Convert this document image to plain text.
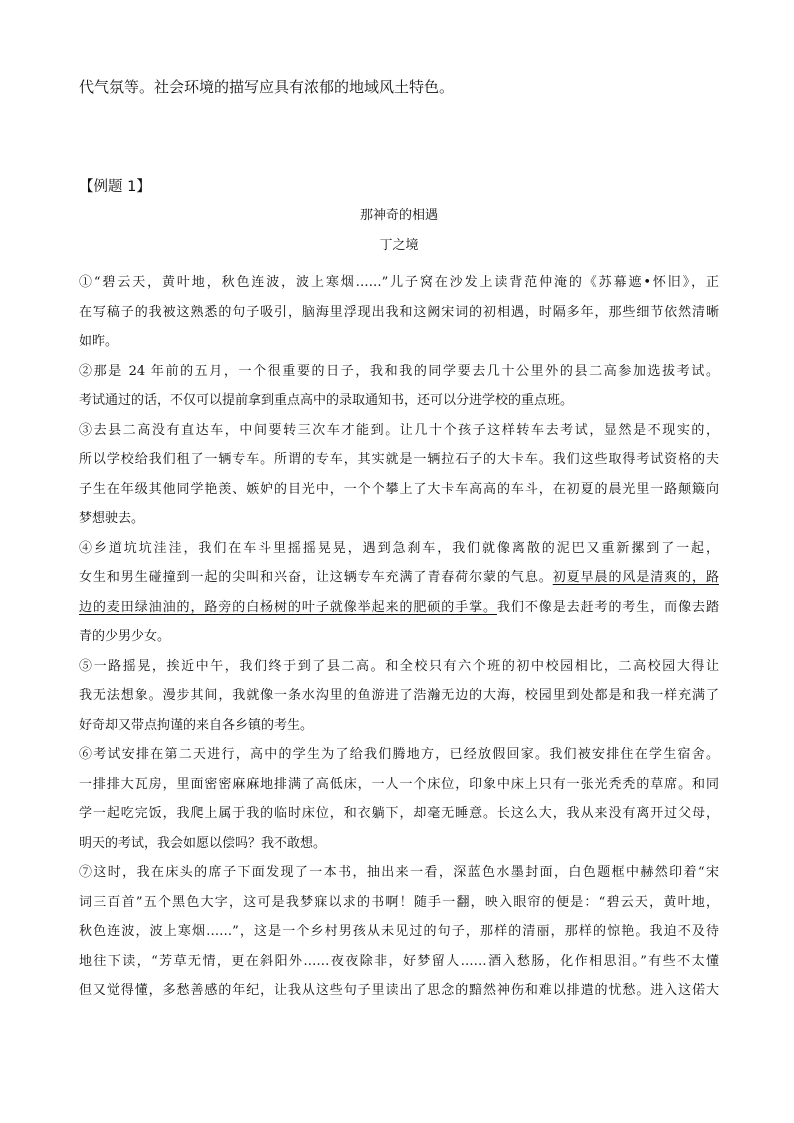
代气氛等。社会环境的描写应具有浓郁的地域风土特色。
【例题 1】
那神奇的相遇
丁之境
①“碧云天，黄叶地，秋色连波，波上寒烟……”儿子窝在沙发上读背范仲淹的《苏幕遮•怀旧》，正
在写稿子的我被这熟悉的句子吸引，脑海里浮现出我和这阙宋词的初相遇，时隔多年，那些细节依然清晰
如昨。
②那是 24 年前的五月，一个很重要的日子，我和我的同学要去几十公里外的县二高参加选拔考试。
考试通过的话，不仅可以提前拿到重点高中的录取通知书，还可以分进学校的重点班。
③去县二高没有直达车，中间要转三次车才能到。让几十个孩子这样转车去考试，显然是不现实的，
所以学校给我们租了一辆专车。所谓的专车，其实就是一辆拉石子的大卡车。我们这些取得考试资格的夫
子生在年级其他同学艳羡、嫉妒的目光中，一个个攀上了大卡车高高的车斗，在初夏的晨光里一路颠簸向
梦想驶去。
④乡道坑坑洼洼，我们在车斗里摇摇晃晃，遇到急刹车，我们就像离散的泥巴又重新摞到了一起，
女生和男生碰撞到一起的尖叫和兴奋，让这辆专车充满了青春荷尔蒙的气息。初夏早晨的风是清爽的，路
边的麦田绿油油的，路旁的白杨树的叶子就像举起来的肥硕的手掌。我们不像是去赶考的考生，而像去踏
青的少男少女。
⑤一路摇晃，挨近中午，我们终于到了县二高。和全校只有六个班的初中校园相比，二高校园大得让
我无法想象。漫步其间，我就像一条水沟里的鱼游进了浩瀚无边的大海，校园里到处都是和我一样充满了
好奇却又带点拘谨的来自各乡镇的考生。
⑥考试安排在第二天进行，高中的学生为了给我们腾地方，已经放假回家。我们被安排住在学生宿舍。
一排排大瓦房，里面密密麻麻地排满了高低床，一人一个床位，印象中床上只有一张光秃秃的草席。和同
学一起吃完饭，我爬上属于我的临时床位，和衣躺下，却毫无睡意。长这么大，我从来没有离开过父母，
明天的考试，我会如愿以偿吗？我不敢想。
⑦这时，我在床头的席子下面发现了一本书，抽出来一看，深蓝色水墨封面，白色题框中赫然印着“宋
词三百首”五个黑色大字，这可是我梦寐以求的书啊！随手一翻，映入眼帘的便是：“碧云天，黄叶地，
秋色连波，波上寒烟……”，这是一个乡村男孩从未见过的句子，那样的清丽，那样的惊艳。我迫不及待
地往下读，“芳草无情，更在斜阳外……夜夜除非，好梦留人……酒入愁肠，化作相思泪。”有些不太懂
但又觉得懂，多愁善感的年纪，让我从这些句子里读出了思念的黯然神伤和难以排遣的忧愁。进入这偌大
